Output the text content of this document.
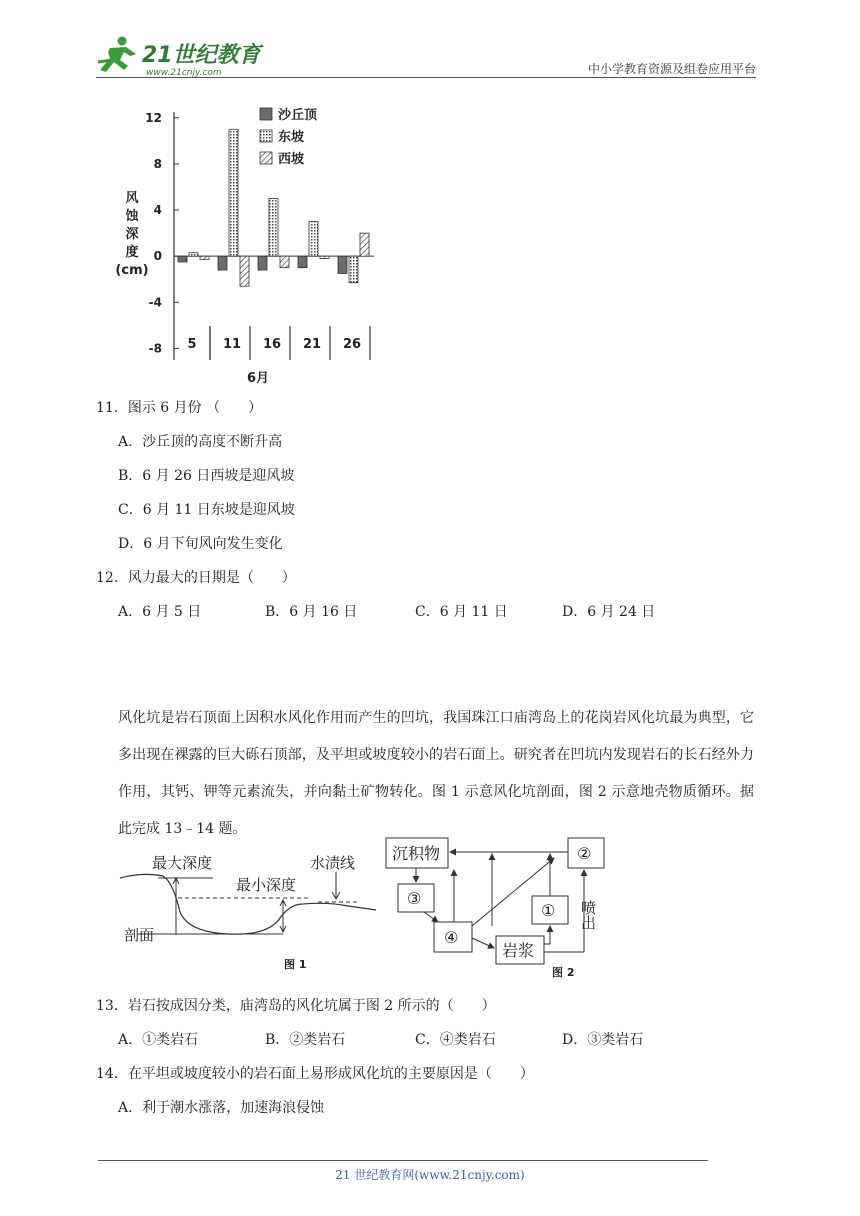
21世纪教育
www.21cnjy.com	中小学教育资源及组卷应用平台
12
8
4
0
-4
-8
风
蚀
深
度
(cm)
5 11 16 21 26
6月
沙丘顶
东坡
西坡
11．图示 6 月份 （　　）
A．沙丘顶的高度不断升高
B．6 月 26 日西坡是迎风坡
C．6 月 11 日东坡是迎风坡
D．6 月下旬风向发生变化
12．风力最大的日期是（　　）
A．6 月 5 日	B．6 月 16 日	C．6 月 11 日	D．6 月 24 日
风化坑是岩石顶面上因积水风化作用而产生的凹坑，我国珠江口庙湾岛上的花岗岩风化坑最为典型，它多出现在裸露的巨大砾石顶部，及平坦或坡度较小的岩石面上。研究者在凹坑内发现岩石的长石经外力作用，其钙、钾等元素流失，并向黏土矿物转化。图 1 示意风化坑剖面，图 2 示意地壳物质循环。据此完成 13﹣14 题。
最大深度
最小深度
水渍线
剖面
图 1
沉积物	②
③
①
④
岩浆
喷出
图 2
13．岩石按成因分类，庙湾岛的风化坑属于图 2 所示的（　　）
A．①类岩石	B．②类岩石	C．④类岩石	D．③类岩石
14．在平坦或坡度较小的岩石面上易形成风化坑的主要原因是（　　）
A．利于潮水涨落，加速海浪侵蚀
21 世纪教育网(www.21cnjy.com)
